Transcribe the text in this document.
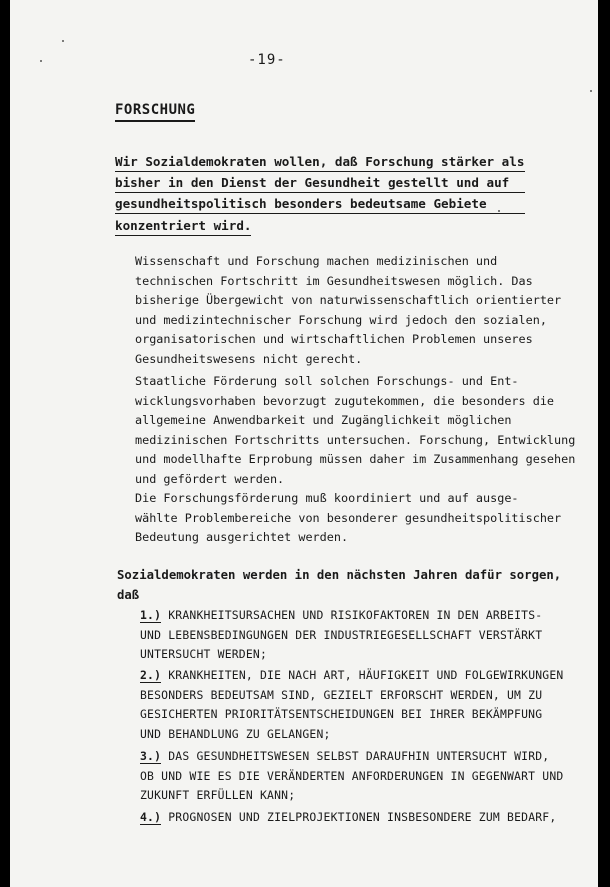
-19-
FORSCHUNG
Wir Sozialdemokraten wollen, daß Forschung stärker als
bisher in den Dienst der Gesundheit gestellt und auf
gesundheitspolitisch besonders bedeutsame Gebiete
konzentriert wird.
Wissenschaft und Forschung machen medizinischen und
technischen Fortschritt im Gesundheitswesen möglich. Das
bisherige Übergewicht von naturwissenschaftlich orientierter
und medizintechnischer Forschung wird jedoch den sozialen,
organisatorischen und wirtschaftlichen Problemen unseres
Gesundheitswesens nicht gerecht.
Staatliche Förderung soll solchen Forschungs- und Ent-
wicklungsvorhaben bevorzugt zugutekommen, die besonders die
allgemeine Anwendbarkeit und Zugänglichkeit möglichen
medizinischen Fortschritts untersuchen. Forschung, Entwicklung
und modellhafte Erprobung müssen daher im Zusammenhang gesehen
und gefördert werden.
Die Forschungsförderung muß koordiniert und auf ausge-
wählte Problembereiche von besonderer gesundheitspolitischer
Bedeutung ausgerichtet werden.
Sozialdemokraten werden in den nächsten Jahren dafür sorgen,
daß
1.) KRANKHEITSURSACHEN UND RISIKOFAKTOREN IN DEN ARBEITS-
UND LEBENSBEDINGUNGEN DER INDUSTRIEGESELLSCHAFT VERSTÄRKT
UNTERSUCHT WERDEN;
2.) KRANKHEITEN, DIE NACH ART, HÄUFIGKEIT UND FOLGEWIRKUNGEN
BESONDERS BEDEUTSAM SIND, GEZIELT ERFORSCHT WERDEN, UM ZU
GESICHERTEN PRIORITÄTSENTSCHEIDUNGEN BEI IHRER BEKÄMPFUNG
UND BEHANDLUNG ZU GELANGEN;
3.) DAS GESUNDHEITSWESEN SELBST DARAUFHIN UNTERSUCHT WIRD,
OB UND WIE ES DIE VERÄNDERTEN ANFORDERUNGEN IN GEGENWART UND
ZUKUNFT ERFÜLLEN KANN;
4.) PROGNOSEN UND ZIELPROJEKTIONEN INSBESONDERE ZUM BEDARF,
